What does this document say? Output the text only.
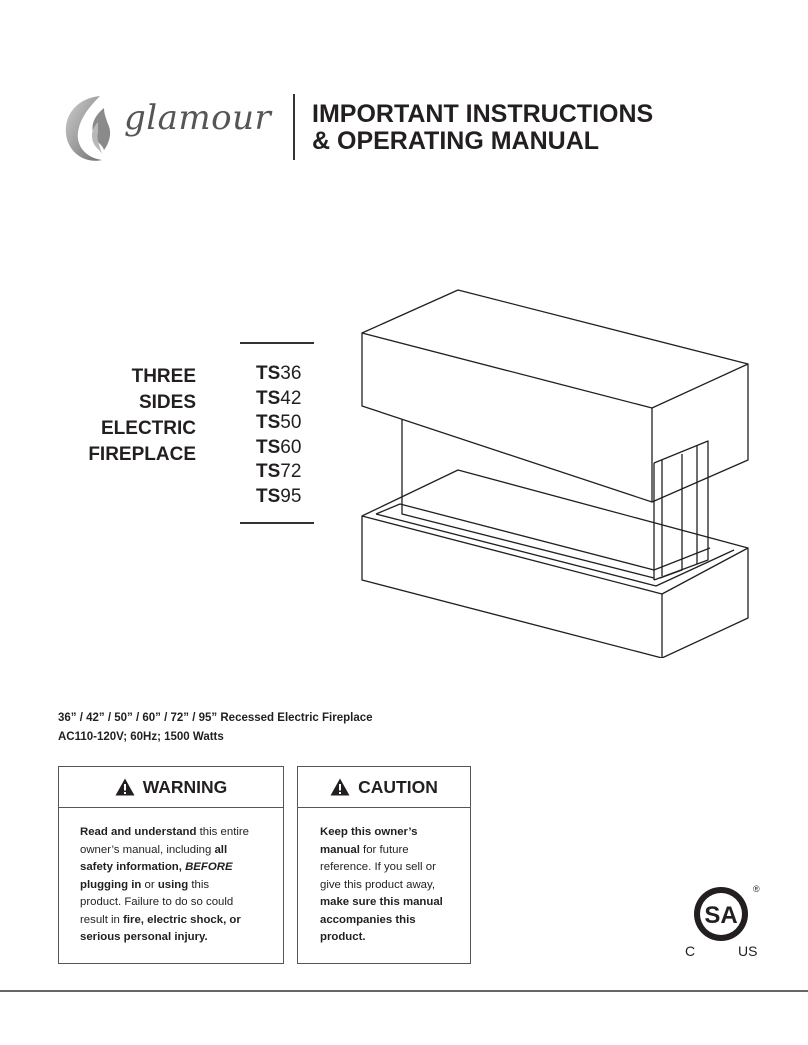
glamour IMPORTANT INSTRUCTIONS
& OPERATING MANUAL
THREE
SIDES
ELECTRIC
FIREPLACE
TS36
TS42
TS50
TS60
TS72
TS95
36” / 42” / 50” / 60” / 72” / 95” Recessed Electric Fireplace
AC110-120V; 60Hz; 1500 Watts
WARNING
Read and understand this entire
owner’s manual, including all
safety information, BEFORE
plugging in or using this
product. Failure to do so could
result in fire, electric shock, or
serious personal injury.
CAUTION
Keep this owner’s
manual for future
reference. If you sell or
give this product away,
make sure this manual
accompanies this
product.
SA
®
C	US
